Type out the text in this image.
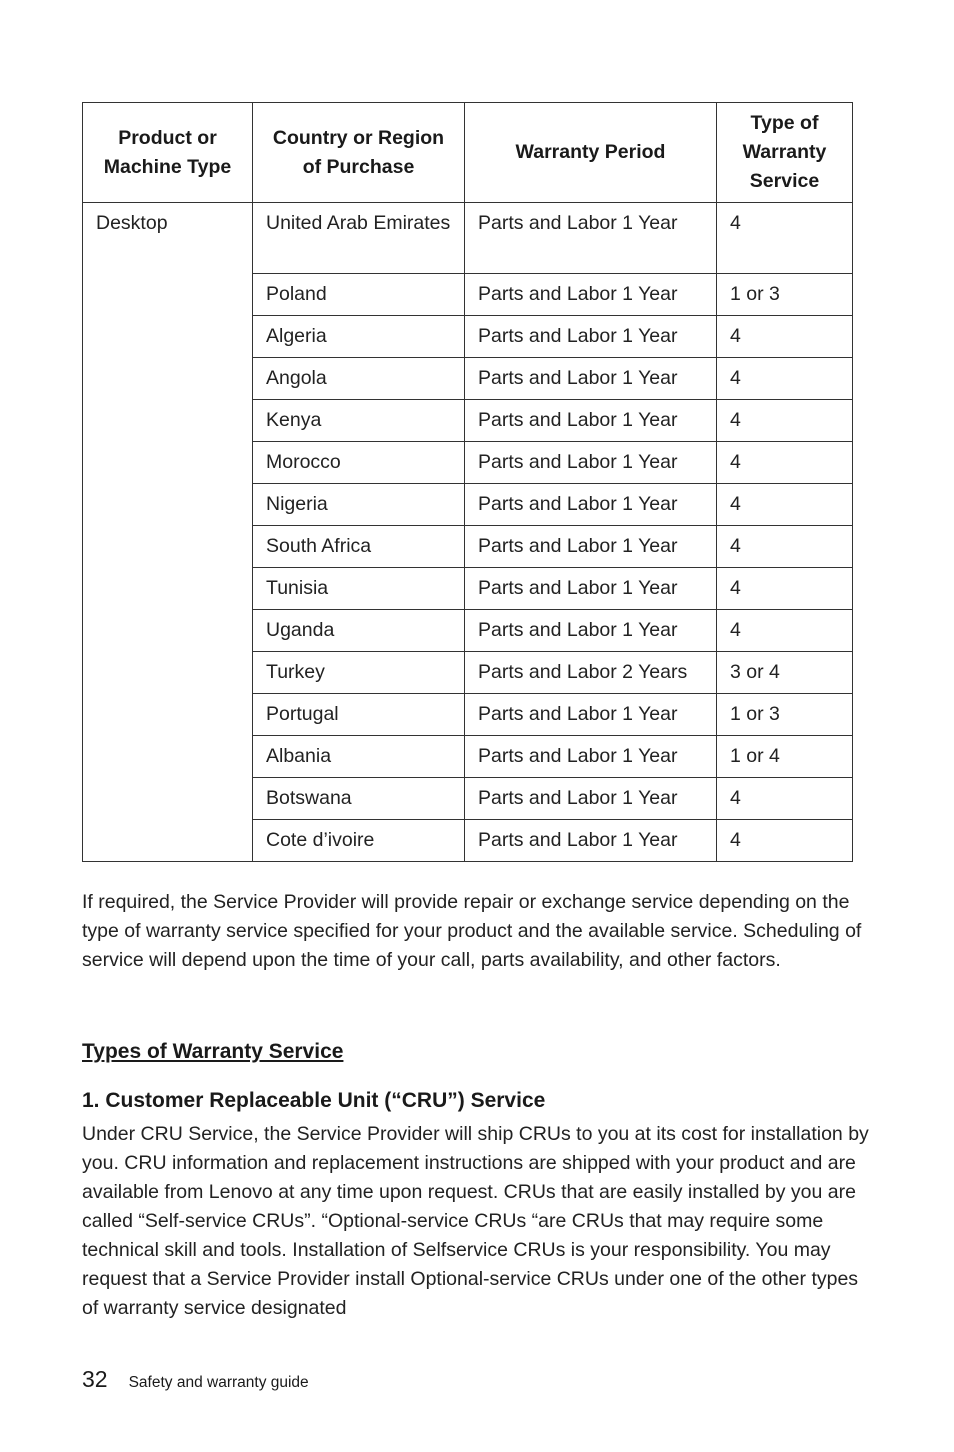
Product or Machine Type	Country or Region of Purchase	Warranty Period	Type of Warranty Service
Desktop	United Arab Emirates	Parts and Labor 1 Year	4
	Poland	Parts and Labor 1 Year	1 or 3
	Algeria	Parts and Labor 1 Year	4
	Angola	Parts and Labor 1 Year	4
	Kenya	Parts and Labor 1 Year	4
	Morocco	Parts and Labor 1 Year	4
	Nigeria	Parts and Labor 1 Year	4
	South Africa	Parts and Labor 1 Year	4
	Tunisia	Parts and Labor 1 Year	4
	Uganda	Parts and Labor 1 Year	4
	Turkey	Parts and Labor 2 Years	3 or 4
	Portugal	Parts and Labor 1 Year	1 or 3
	Albania	Parts and Labor 1 Year	1 or 4
	Botswana	Parts and Labor 1 Year	4
	Cote d’ivoire	Parts and Labor 1 Year	4

If required, the Service Provider will provide repair or exchange service depending on the type of warranty service specified for your product and the available service. Scheduling of service will depend upon the time of your call, parts availability, and other factors.

Types of Warranty Service
1. Customer Replaceable Unit (“CRU”) Service

Under CRU Service, the Service Provider will ship CRUs to you at its cost for installation by you. CRU information and replacement instructions are shipped with your product and are available from Lenovo at any time upon request. CRUs that are easily installed by you are called “Self-service CRUs”. “Optional-service CRUs “are CRUs that may require some technical skill and tools. Installation of Selfservice CRUs is your responsibility. You may request that a Service Provider install Optional-service CRUs under one of the other types of warranty service designated

32 Safety and warranty guide
